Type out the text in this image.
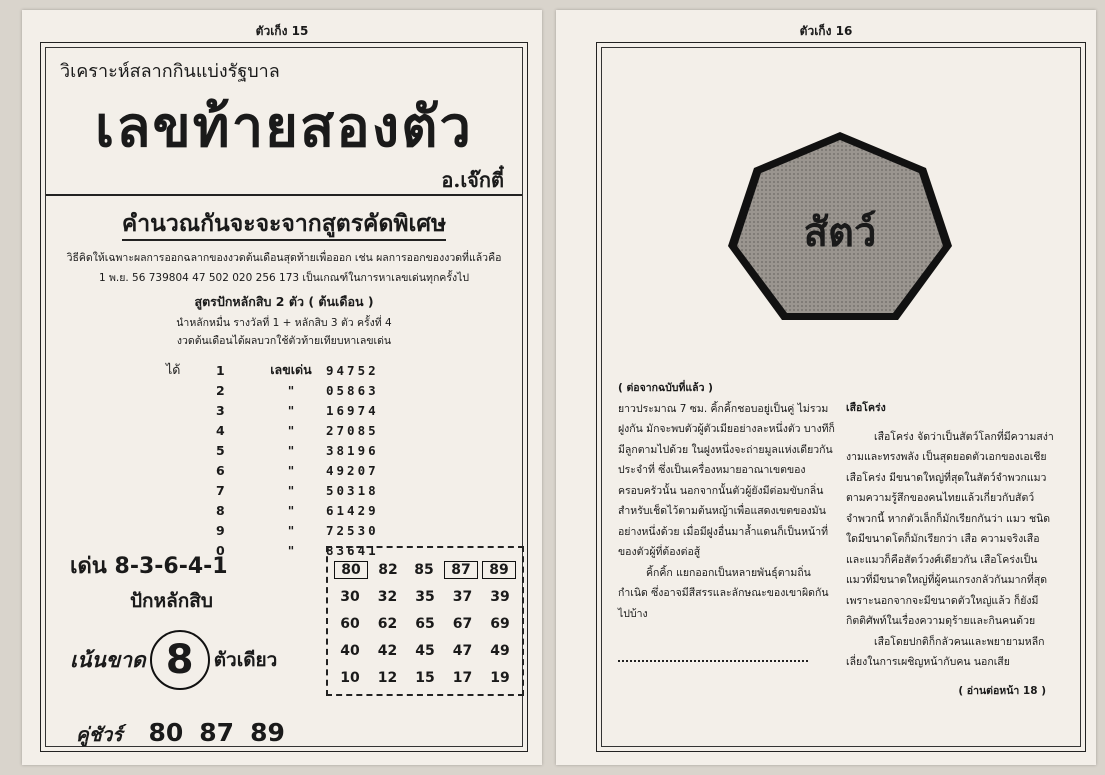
ตัวเก็ง 15
วิเคราะห์สลากกินแบ่งรัฐบาล
เลขท้ายสองตัว
อ.เจ๊กตี๋
คำนวณกันจะจะจากสูตรคัดพิเศษ
วิธีคิดให้เฉพาะผลการออกฉลากของงวดต้นเดือนสุดท้ายเพื่อออก เช่น ผลการออกของงวดที่แล้วคือ
1 พ.ย. 56 739804 47 502 020 256 173 เป็นเกณฑ์ในการหาเลขเด่นทุกครั้งไป
สูตรปักหลักสิบ 2 ตัว ( ต้นเดือน )
นำหลักหมื่น รางวัลที่ 1 + หลักสิบ 3 ตัว ครั้งที่ 4
งวดต้นเดือนได้ผลบวกใช้ตัวท้ายเทียบหาเลขเด่น
ได้	1	เลขเด่น	94752
2	"	05863
3	"	16974
4	"	27085
5	"	38196
6	"	49207
7	"	50318
8	"	61429
9	"	72530
0	"	83641
เด่น 8-3-6-4-1
ปักหลักสิบ
เน้นขาด 8	ตัวเดียว
คู่ชัวร์ 80 87 89
80	82	85	87	89
30	32	35	37	39
60	62	65	67	69
40	42	45	47	49
10	12	15	17	19
ตัวเก็ง 16
สัตว์
( ต่อจากฉบับที่แล้ว )
ยาวประมาณ 7 ซม. คิ้กคิ้กชอบอยู่เป็นคู่ ไม่รวมฝูงกัน มักจะพบตัวผู้ตัวเมียอย่างละหนึ่งตัว บางทีก็มีลูกตามไปด้วย ในฝูงหนึ่งจะถ่ายมูลแห่งเดียวกันประจำที่ ซึ่งเป็นเครื่องหมายอาณาเขตของครอบครัวนั้น นอกจากนั้นตัวผู้ยังมีต่อมขับกลิ่นสำหรับเช็ดไว้ตามต้นหญ้าเพื่อแสดงเขตของมันอย่างหนึ่งด้วย เมื่อมีฝูงอื่นมาล้ำแดนก็เป็นหน้าที่ของตัวผู้ที่ต้องต่อสู้
คิ้กคิ้ก แยกออกเป็นหลายพันธุ์ตามถิ่นกำเนิด ซึ่งอาจมีสีสรรและลักษณะของเขาผิดกันไปบ้าง
เสือโคร่ง
เสือโคร่ง จัดว่าเป็นสัตว์โลกที่มีความสง่างามและทรงพลัง เป็นสุดยอดตัวเอกของเอเชีย เสือโคร่ง มีขนาดใหญ่ที่สุดในสัตว์จำพวกแมว ตามความรู้สึกของคนไทยแล้วเกี่ยวกับสัตว์จำพวกนี้ หากตัวเล็กก็มักเรียกกันว่า แมว ชนิดใดมีขนาดโตก็มักเรียกว่า เสือ ความจริงเสือและแมวก็คือสัตว์วงศ์เดียวกัน เสือโคร่งเป็นแมวที่มีขนาดใหญ่ที่ผู้คนเกรงกลัวกันมากที่สุด เพราะนอกจากจะมีขนาดตัวใหญ่แล้ว ก็ยังมีกิตติศัพท์ในเรื่องความดุร้ายและกินคนด้วย
เสือโดยปกติก็กลัวคนและพยายามหลีกเลี่ยงในการเผชิญหน้ากับคน นอกเสีย
( อ่านต่อหน้า 18 )
